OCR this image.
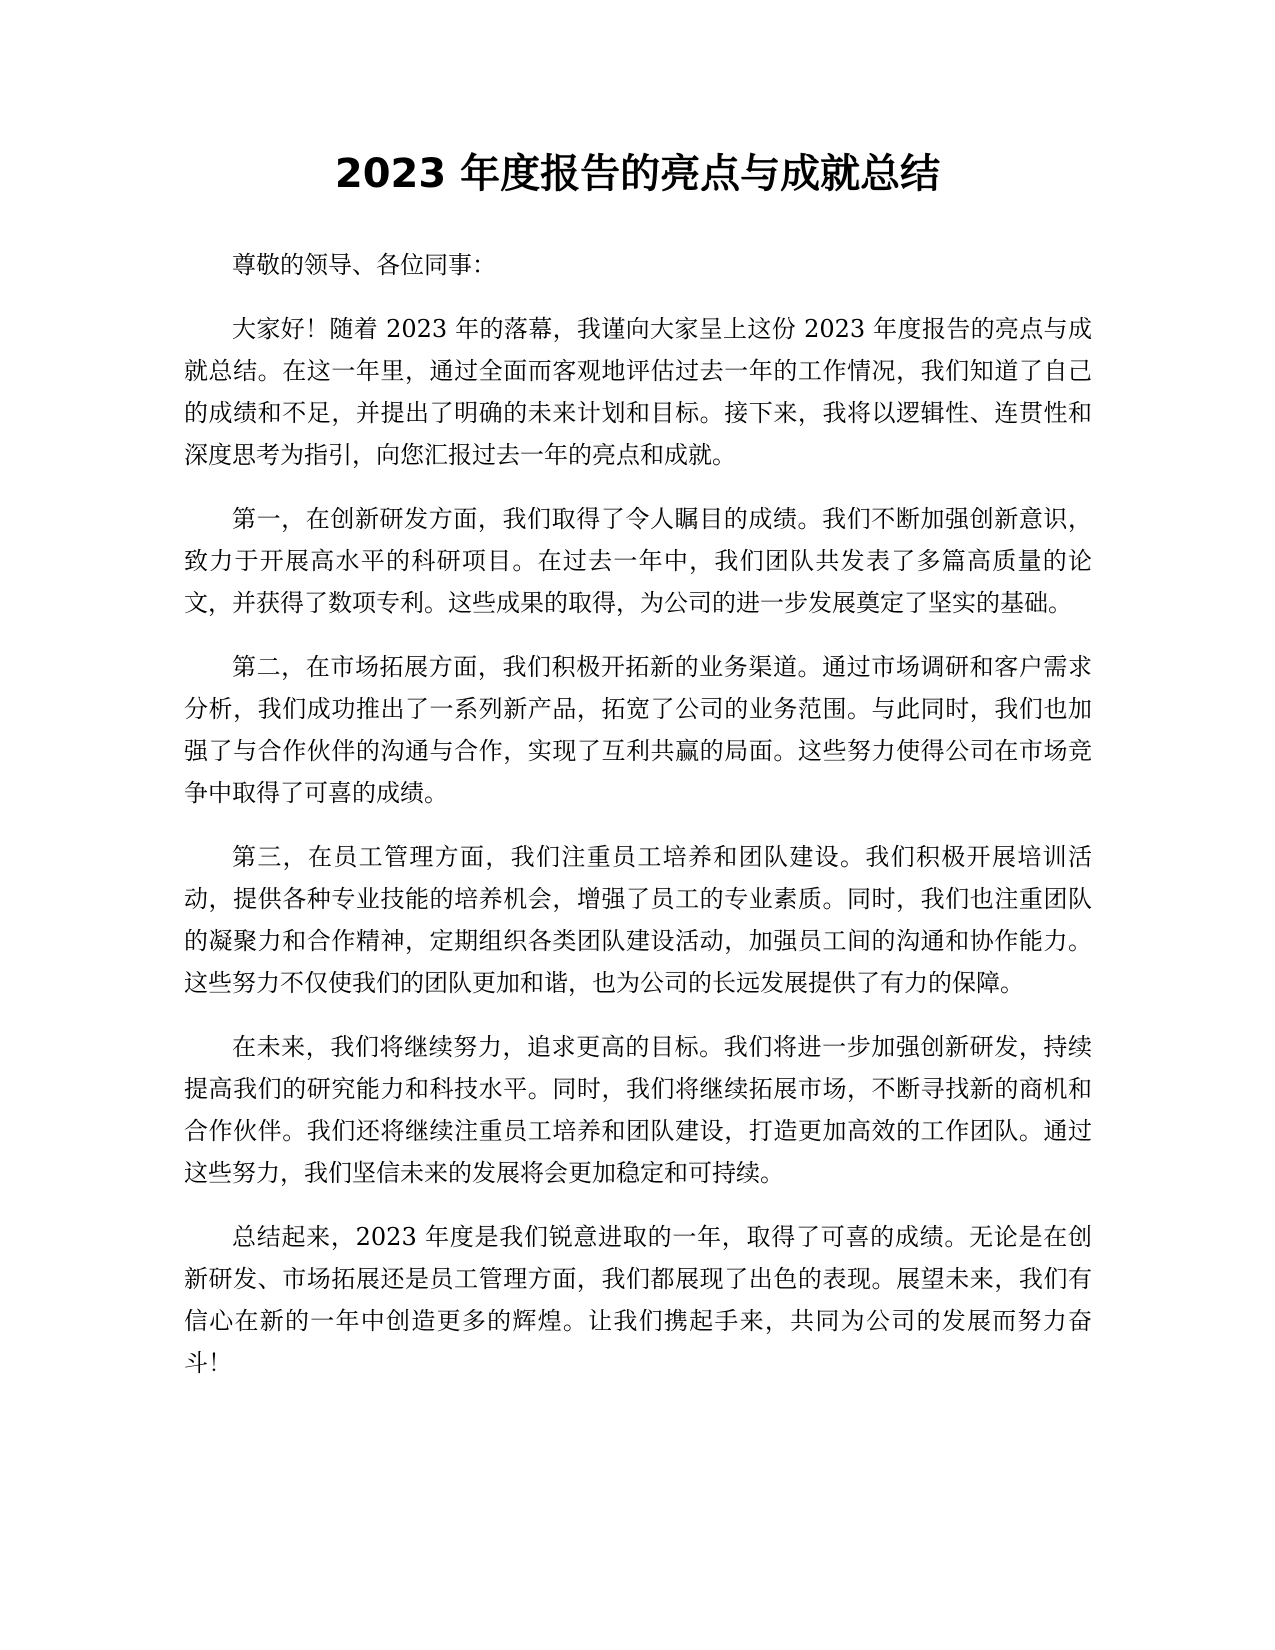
2023 年度报告的亮点与成就总结

尊敬的领导、各位同事：

大家好！随着 2023 年的落幕，我谨向大家呈上这份 2023 年度报告的亮点与成就总结。在这一年里，通过全面而客观地评估过去一年的工作情况，我们知道了自己的成绩和不足，并提出了明确的未来计划和目标。接下来，我将以逻辑性、连贯性和深度思考为指引，向您汇报过去一年的亮点和成就。

第一，在创新研发方面，我们取得了令人瞩目的成绩。我们不断加强创新意识，致力于开展高水平的科研项目。在过去一年中，我们团队共发表了多篇高质量的论文，并获得了数项专利。这些成果的取得，为公司的进一步发展奠定了坚实的基础。

第二，在市场拓展方面，我们积极开拓新的业务渠道。通过市场调研和客户需求分析，我们成功推出了一系列新产品，拓宽了公司的业务范围。与此同时，我们也加强了与合作伙伴的沟通与合作，实现了互利共赢的局面。这些努力使得公司在市场竞争中取得了可喜的成绩。

第三，在员工管理方面，我们注重员工培养和团队建设。我们积极开展培训活动，提供各种专业技能的培养机会，增强了员工的专业素质。同时，我们也注重团队的凝聚力和合作精神，定期组织各类团队建设活动，加强员工间的沟通和协作能力。这些努力不仅使我们的团队更加和谐，也为公司的长远发展提供了有力的保障。

在未来，我们将继续努力，追求更高的目标。我们将进一步加强创新研发，持续提高我们的研究能力和科技水平。同时，我们将继续拓展市场，不断寻找新的商机和合作伙伴。我们还将继续注重员工培养和团队建设，打造更加高效的工作团队。通过这些努力，我们坚信未来的发展将会更加稳定和可持续。

总结起来，2023 年度是我们锐意进取的一年，取得了可喜的成绩。无论是在创新研发、市场拓展还是员工管理方面，我们都展现了出色的表现。展望未来，我们有信心在新的一年中创造更多的辉煌。让我们携起手来，共同为公司的发展而努力奋斗！
